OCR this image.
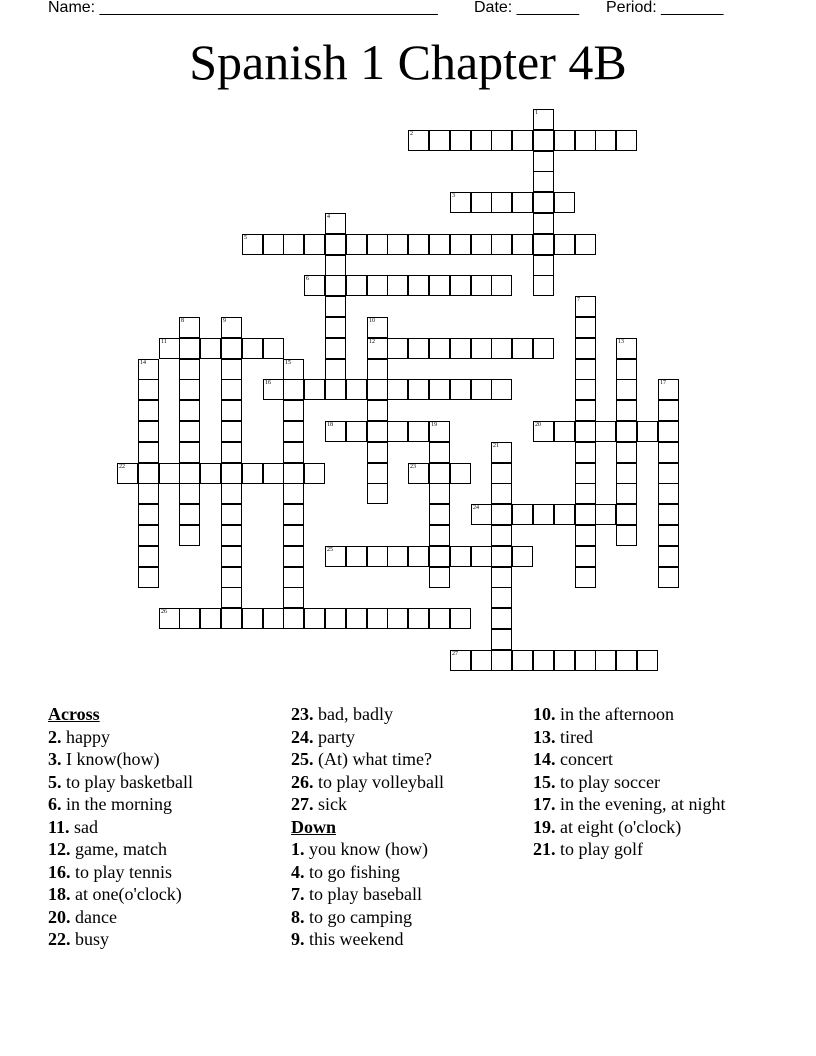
Name: ______________________________________ Date: _______ Period: _______
Spanish 1 Chapter 4B
2
3
5
6
11	12
16
18	19	20
22	23
24
25
26
27
1
4
7
8	9	10
13
14	15
17
21
Across
2. happy
3. I know(how)
5. to play basketball
6. in the morning
11. sad
12. game, match
16. to play tennis
18. at one(o'clock)
20. dance
22. busy
23. bad, badly
24. party
25. (At) what time?
26. to play volleyball
27. sick
Down
1. you know (how)
4. to go fishing
7. to play baseball
8. to go camping
9. this weekend
10. in the afternoon
13. tired
14. concert
15. to play soccer
17. in the evening, at night
19. at eight (o'clock)
21. to play golf
